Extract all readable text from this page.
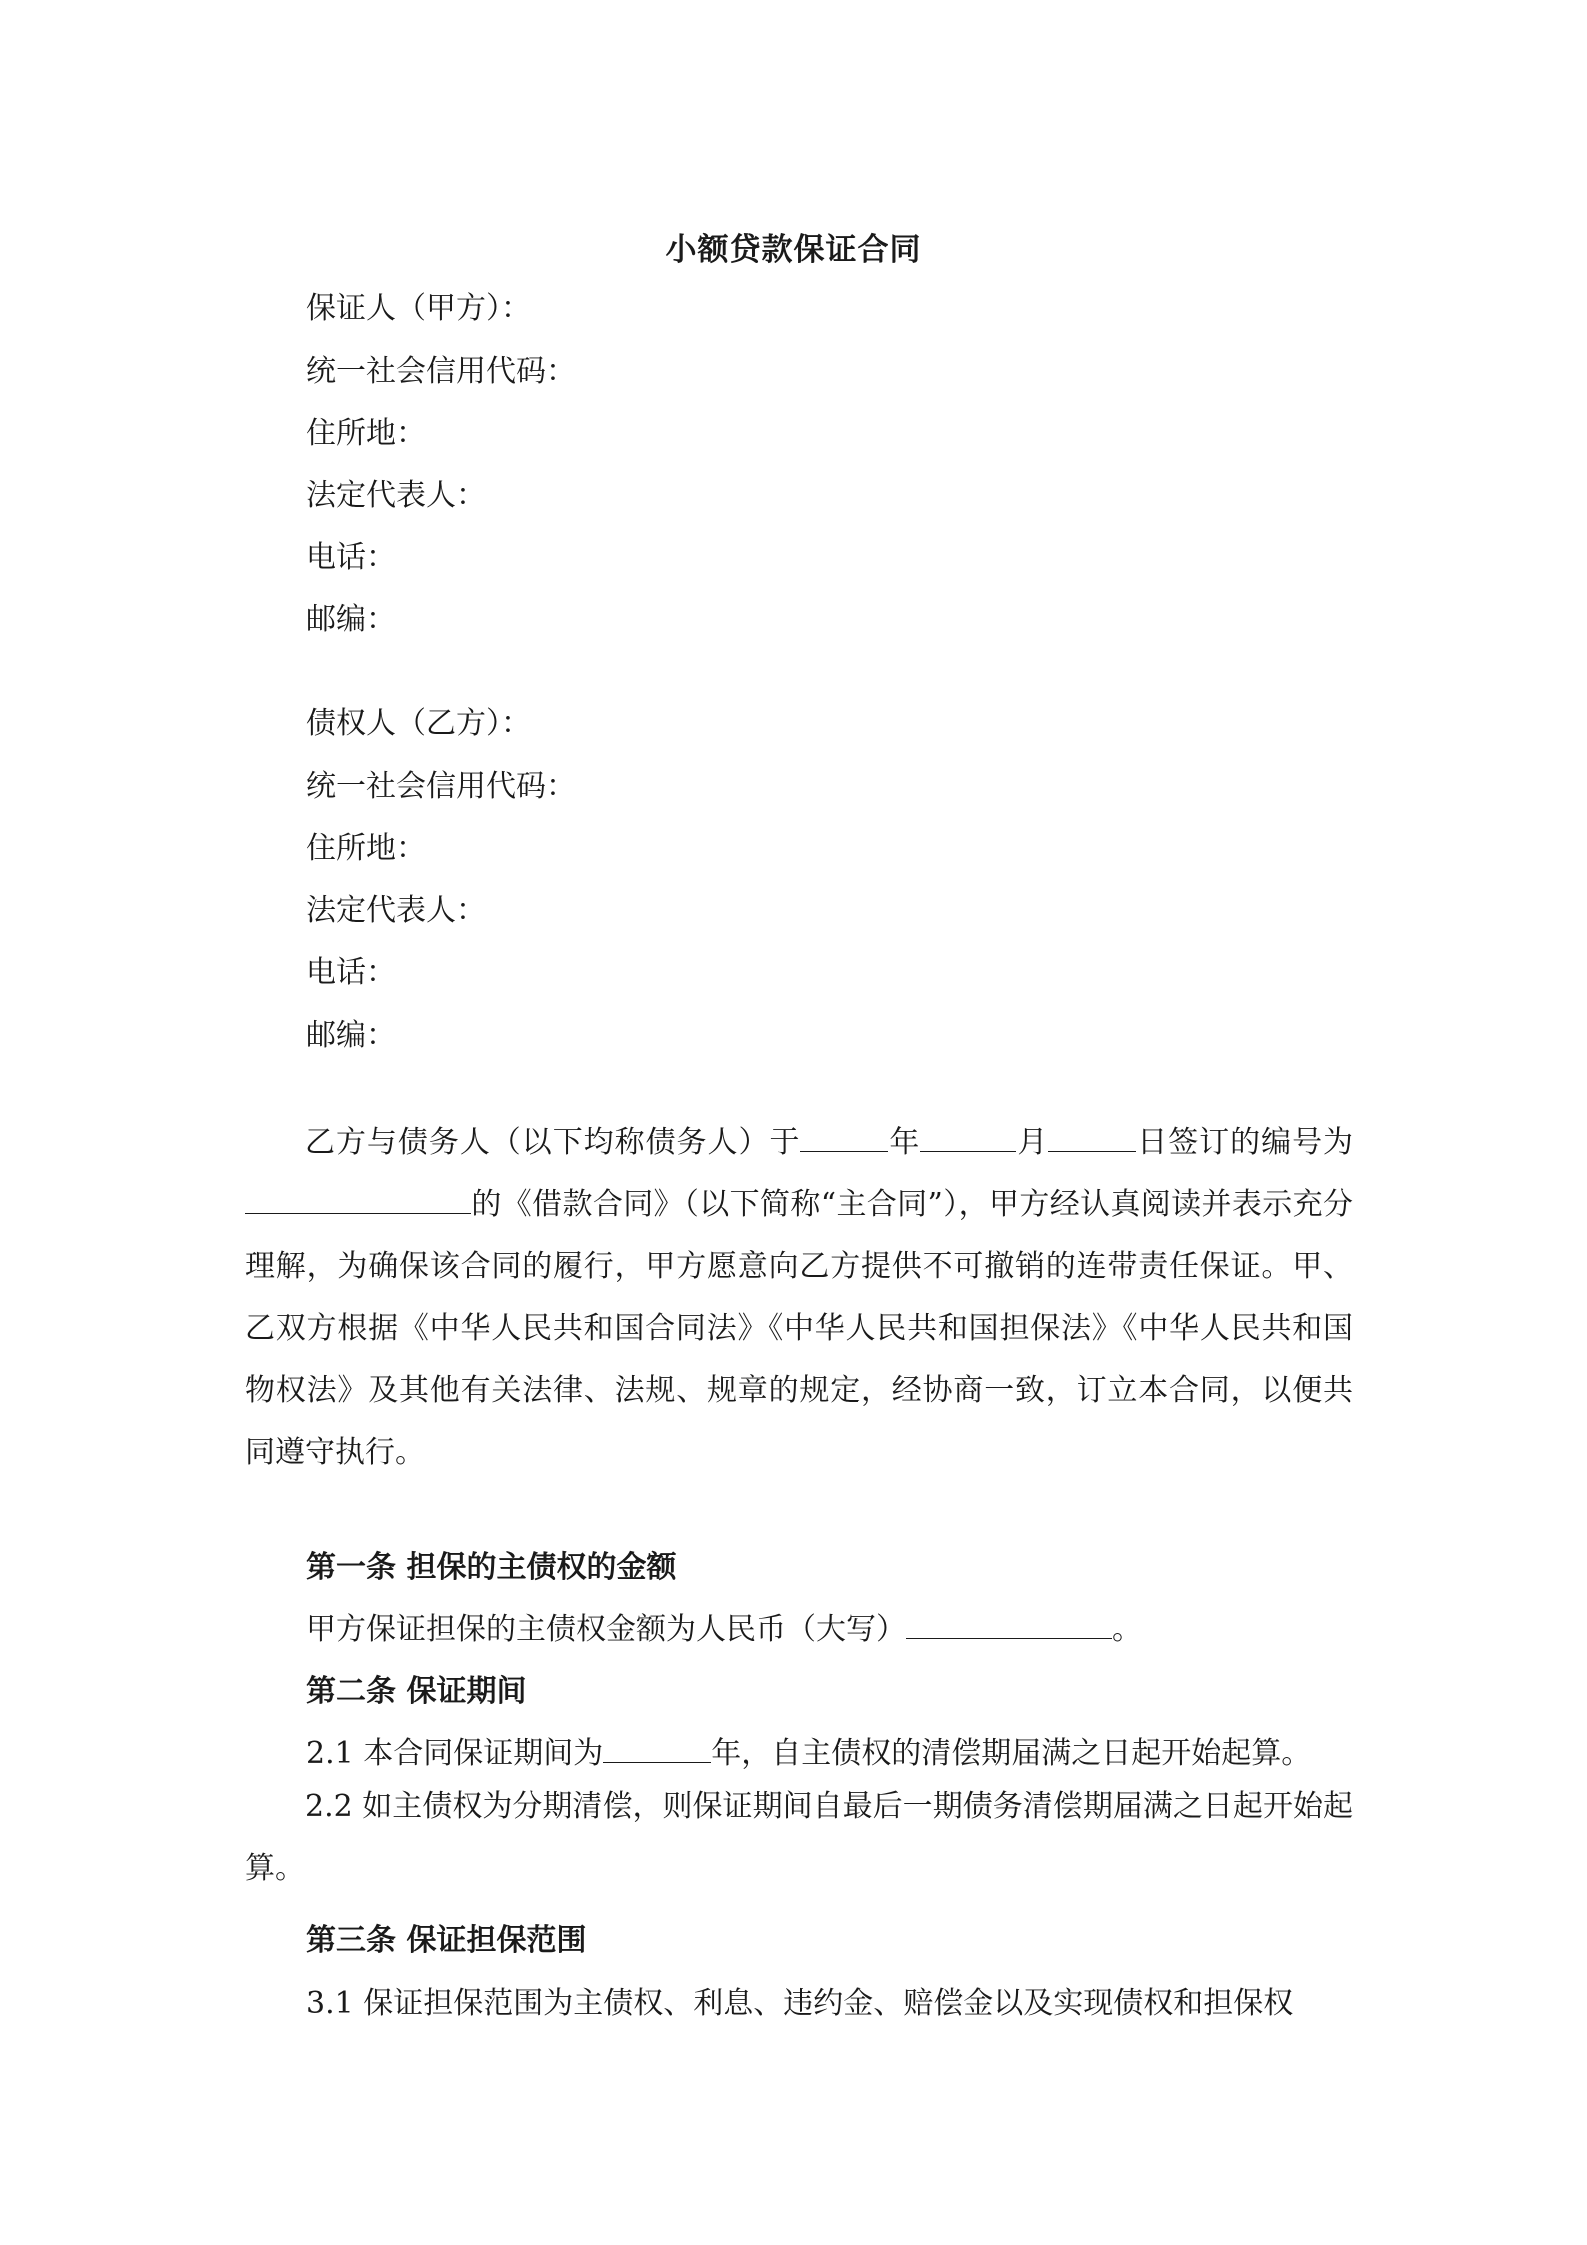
小额贷款保证合同

保证人（甲方）：

统一社会信用代码：

住所地：

法定代表人：

电话：

邮编：

债权人（乙方）：

统一社会信用代码：

住所地：

法定代表人：

电话：

邮编：

乙方与债务人（以下均称债务人）于	年	月	日签订的编号为的《借款合同》（以下简称“主合同”），甲方经认真阅读并表示充分理解，为确保该合同的履行，甲方愿意向乙方提供不可撤销的连带责任保证。甲、乙双方根据《中华人民共和国合同法》《中华人民共和国担保法》《中华人民共和国物权法》及其他有关法律、法规、规章的规定，经协商一致，订立本合同，以便共同遵守执行。

第一条 担保的主债权的金额

甲方保证担保的主债权金额为人民币（大写）	。

第二条 保证期间

2.1 本合同保证期间为	年，自主债权的清偿期届满之日起开始起算。

2.2 如主债权为分期清偿，则保证期间自最后一期债务清偿期届满之日起开始起算。

第三条 保证担保范围

3.1 保证担保范围为主债权、利息、违约金、赔偿金以及实现债权和担保权
